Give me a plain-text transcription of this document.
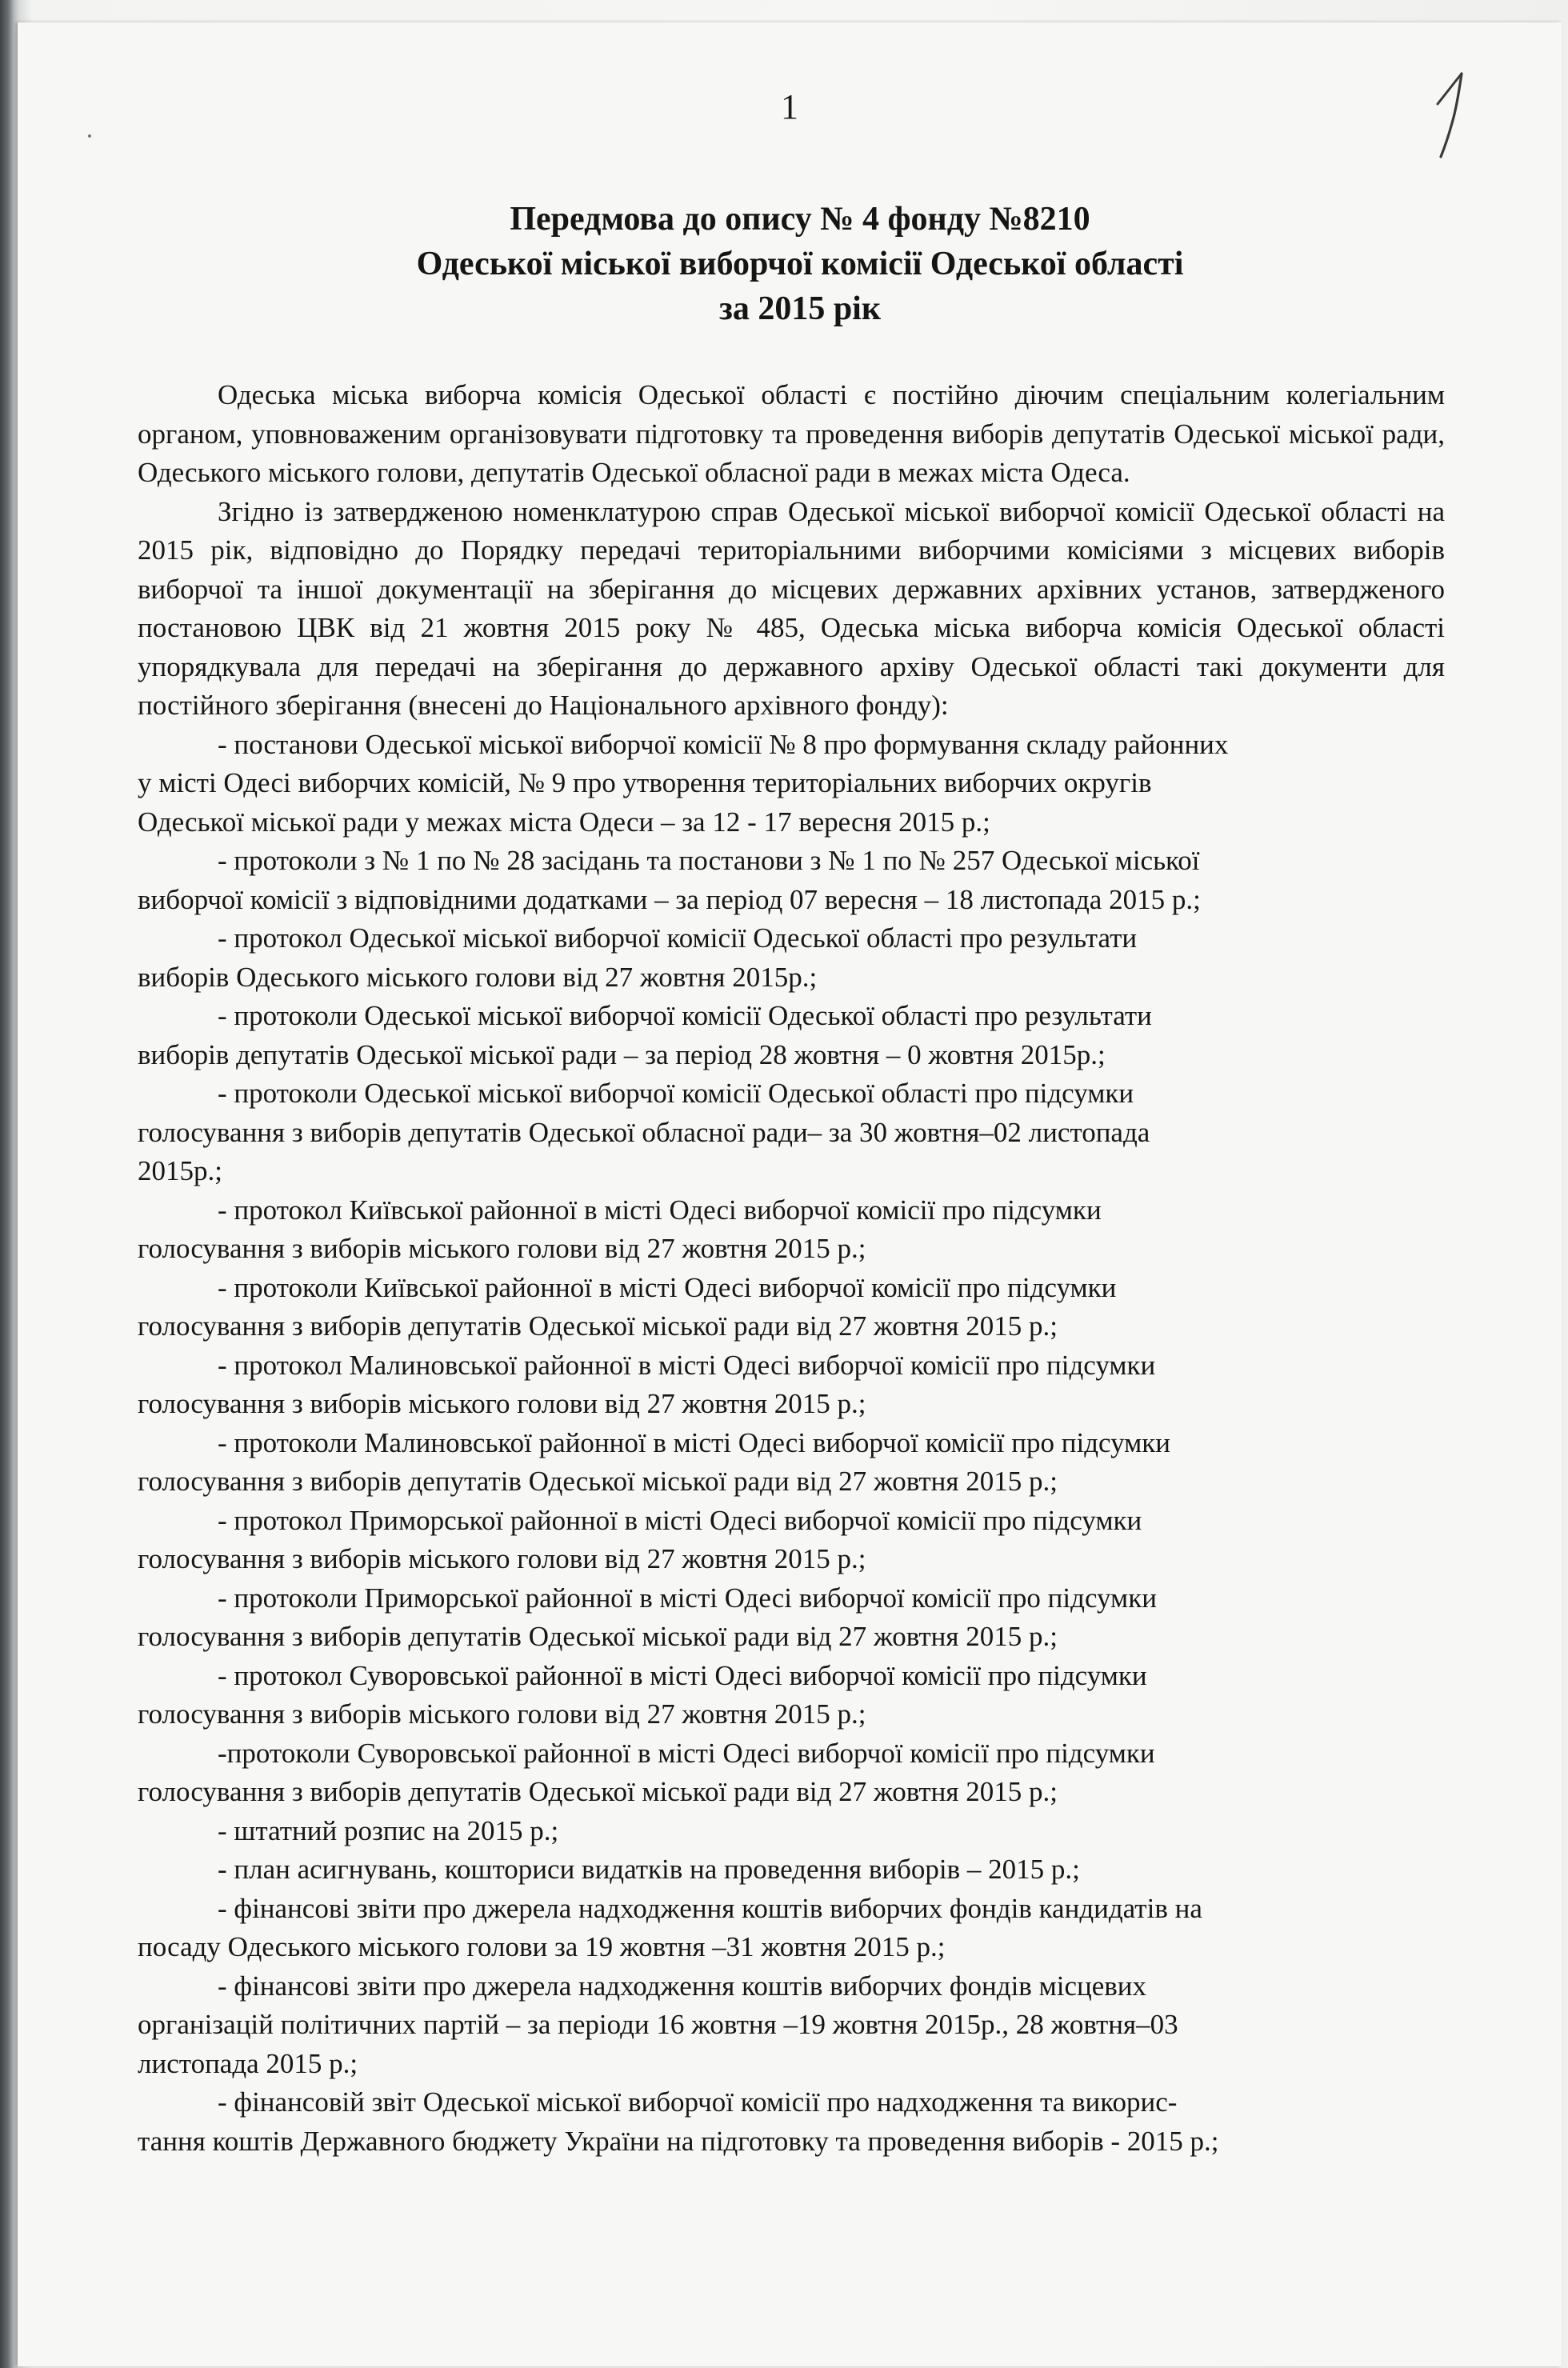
1
Передмова до опису № 4 фонду №8210
Одеської міської виборчої комісії Одеської області
за 2015 рік

Одеська міська виборча комісія Одеської області є постійно діючим спеціальним колегіальним органом, уповноваженим організовувати підготовку та проведення виборів депутатів Одеської міської ради, Одеського міського голови, депутатів Одеської обласної ради в межах міста Одеса.

Згідно із затвердженою номенклатурою справ Одеської міської виборчої комісії Одеської області на 2015 рік, відповідно до Порядку передачі територіальними виборчими комісіями з місцевих виборів виборчої та іншої документації на зберігання до місцевих державних архівних установ, затвердженого постановою ЦВК від 21 жовтня 2015 року № 485, Одеська міська виборча комісія Одеської області упорядкувала для передачі на зберігання до державного архіву Одеської області такі документи для постійного зберігання (внесені до Національного архівного фонду):

- постанови Одеської міської виборчої комісії № 8 про формування складу районних
у місті Одесі виборчих комісій, № 9 про утворення територіальних виборчих округів
Одеської міської ради у межах міста Одеси – за 12 - 17 вересня 2015 р.;

- протоколи з № 1 по № 28 засідань та постанови з № 1 по № 257 Одеської міської
виборчої комісії з відповідними додатками – за період 07 вересня – 18 листопада 2015 р.;

- протокол Одеської міської виборчої комісії Одеської області про результати
виборів Одеського міського голови від 27 жовтня 2015р.;

- протоколи Одеської міської виборчої комісії Одеської області про результати
виборів депутатів Одеської міської ради – за період 28 жовтня – 0 жовтня 2015р.;

- протоколи Одеської міської виборчої комісії Одеської області про підсумки
голосування з виборів депутатів Одеської обласної ради– за 30 жовтня–02 листопада
2015р.;

- протокол Київської районної в місті Одесі виборчої комісії про підсумки
голосування з виборів міського голови від 27 жовтня 2015 р.;

- протоколи Київської районної в місті Одесі виборчої комісії про підсумки
голосування з виборів депутатів Одеської міської ради від 27 жовтня 2015 р.;

- протокол Малиновської районної в місті Одесі виборчої комісії про підсумки
голосування з виборів міського голови від 27 жовтня 2015 р.;

- протоколи Малиновської районної в місті Одесі виборчої комісії про підсумки
голосування з виборів депутатів Одеської міської ради від 27 жовтня 2015 р.;

- протокол Приморської районної в місті Одесі виборчої комісії про підсумки
голосування з виборів міського голови від 27 жовтня 2015 р.;

- протоколи Приморської районної в місті Одесі виборчої комісії про підсумки
голосування з виборів депутатів Одеської міської ради від 27 жовтня 2015 р.;

- протокол Суворовської районної в місті Одесі виборчої комісії про підсумки
голосування з виборів міського голови від 27 жовтня 2015 р.;

-протоколи Суворовської районної в місті Одесі виборчої комісії про підсумки
голосування з виборів депутатів Одеської міської ради від 27 жовтня 2015 р.;

- штатний розпис на 2015 р.;

- план асигнувань, кошториси видатків на проведення виборів – 2015 р.;

- фінансові звіти про джерела надходження коштів виборчих фондів кандидатів на
посаду Одеського міського голови за 19 жовтня –31 жовтня 2015 р.;

- фінансові звіти про джерела надходження коштів виборчих фондів місцевих
організацій політичних партій – за періоди 16 жовтня –19 жовтня 2015р., 28 жовтня–03
листопада 2015 р.;

- фінансовій звіт Одеської міської виборчої комісії про надходження та викорис-
тання коштів Державного бюджету України на підготовку та проведення виборів - 2015 р.;
